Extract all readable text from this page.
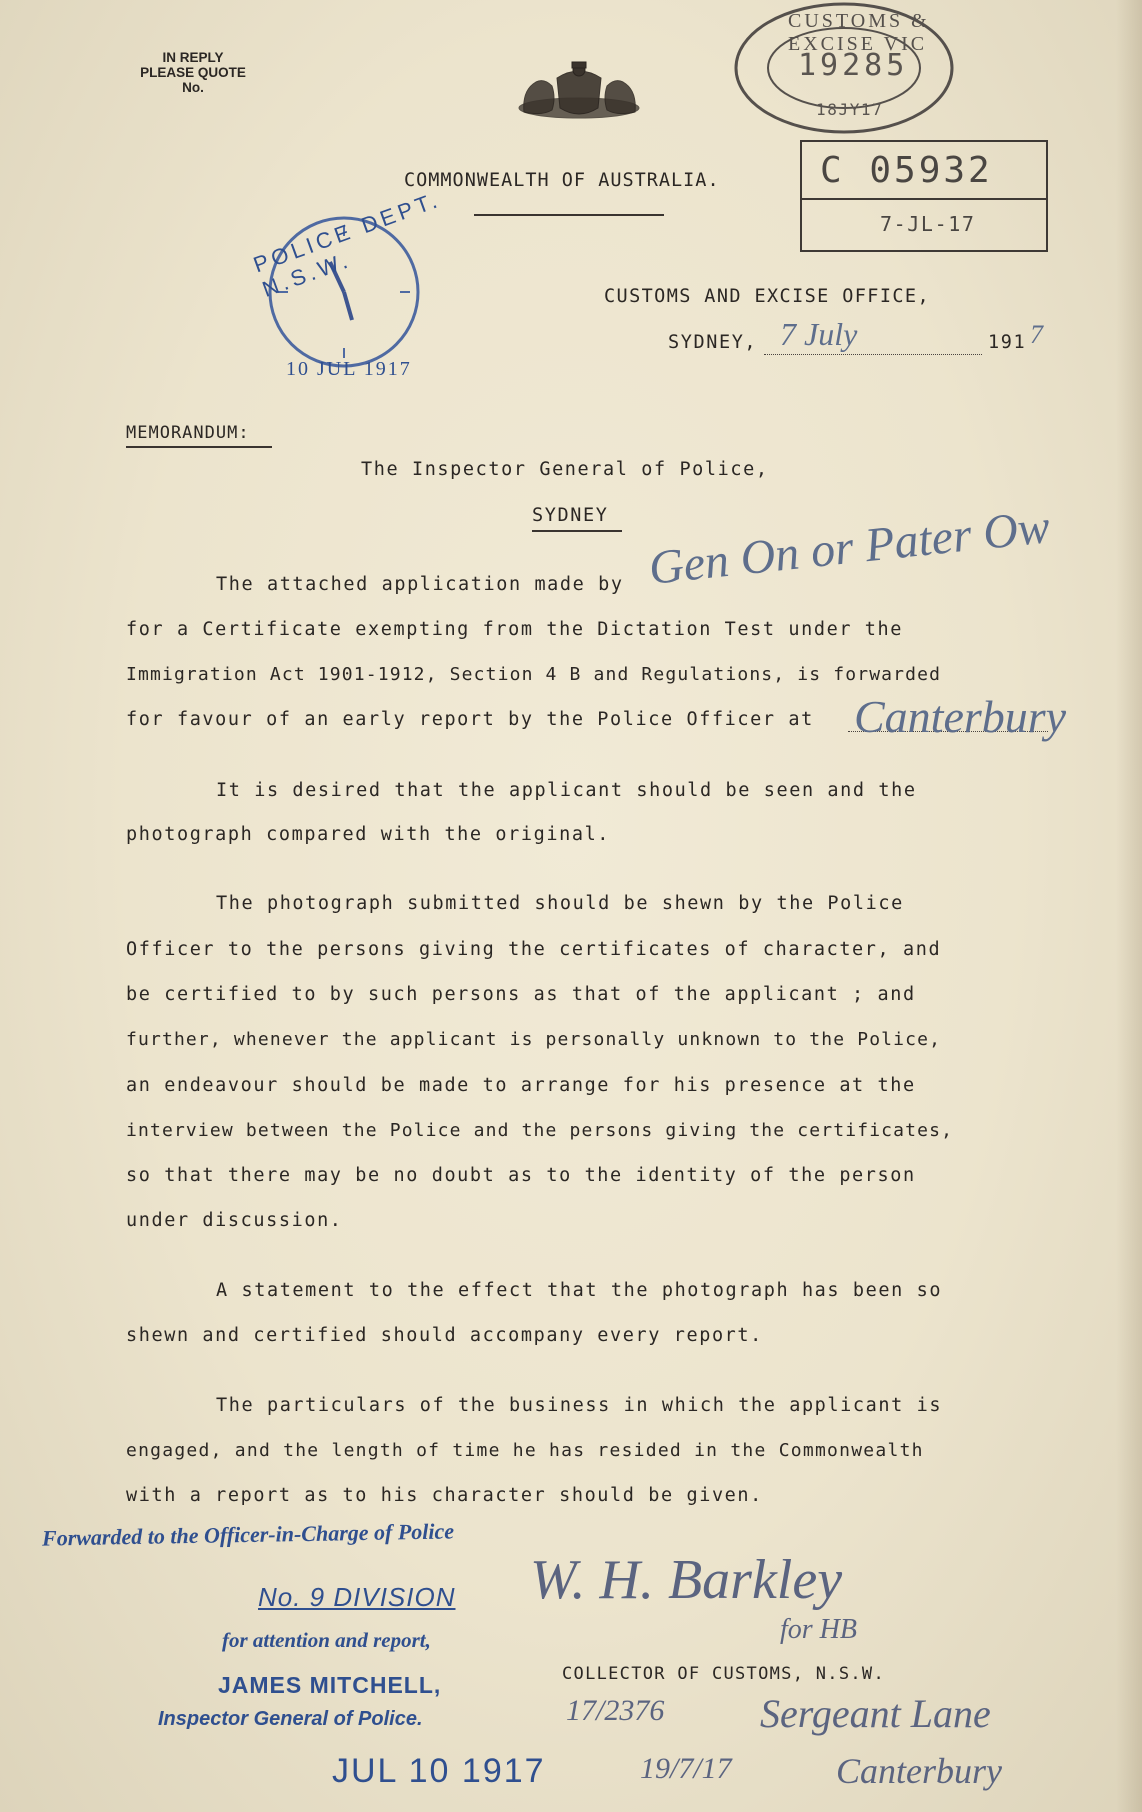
IN REPLY
PLEASE QUOTE
No.
CUSTOMS & EXCISE VIC
19285
18JY17
C 05932
7-JL-17
COMMONWEALTH OF AUSTRALIA.
POLICE DEPT. N.S.W.
10 JUL 1917
CUSTOMS AND EXCISE OFFICE,
SYDNEY, 7 July	191 7
MEMORANDUM:
The Inspector General of Police,
SYDNEY
The attached application made by Gen On or Pater Ow
for a Certificate exempting from the Dictation Test under the
Immigration Act 1901-1912, Section 4 B and Regulations, is forwarded
for favour of an early report by the Police Officer at Canterbury
It is desired that the applicant should be seen and the
photograph compared with the original.
The photograph submitted should be shewn by the Police
Officer to the persons giving the certificates of character, and
be certified to by such persons as that of the applicant ; and
further, whenever the applicant is personally unknown to the Police,
an endeavour should be made to arrange for his presence at the
interview between the Police and the persons giving the certificates,
so that there may be no doubt as to the identity of the person
under discussion.
A statement to the effect that the photograph has been so
shewn and certified should accompany every report.
The particulars of the business in which the applicant is
engaged, and the length of time he has resided in the Commonwealth
with a report as to his character should be given.
Forwarded to the Officer-in-Charge of Police
No. 9 DIVISION
for attention and report,
JAMES MITCHELL,
Inspector General of Police.
JUL 10 1917
W. H. Barkley
for HB
COLLECTOR OF CUSTOMS, N.S.W.
17/2376
19/7/17
Sergeant Lane
Canterbury
